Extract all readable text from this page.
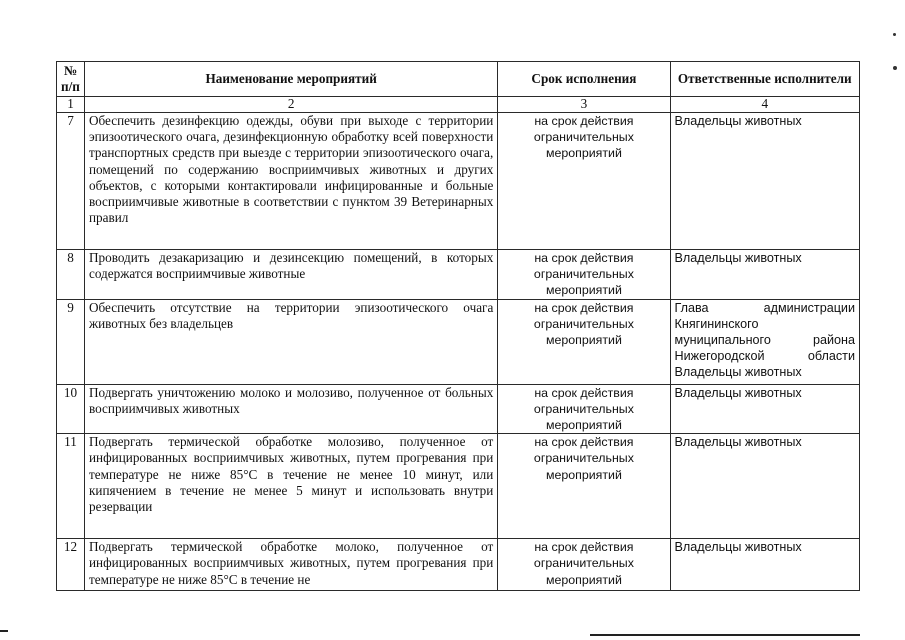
№ п/п	Наименование мероприятий	Срок исполнения	Ответственные исполнители
1	2	3	4
7	Обеспечить дезинфекцию одежды, обуви при выходе с территории эпизоотического очага, дезинфекционную обработку всей поверхности транспортных средств при выезде с территории эпизоотического очага, помещений по содержанию восприимчивых животных и других объектов, с которыми контактировали инфицированные и больные восприимчивые животные в соответствии с пунктом 39 Ветеринарных правил	на срок действия ограничительных мероприятий	Владельцы животных
8	Проводить дезакаризацию и дезинсекцию помещений, в которых содержатся восприимчивые животные	на срок действия ограничительных мероприятий	Владельцы животных
9	Обеспечить отсутствие на территории эпизоотического очага животных без владельцев	на срок действия ограничительных мероприятий	Глава администрации Княгининского муниципального района Нижегородской области Владельцы животных
10	Подвергать уничтожению молоко и молозиво, полученное от больных восприимчивых животных	на срок действия ограничительных мероприятий	Владельцы животных
11	Подвергать термической обработке молозиво, полученное от инфицированных восприимчивых животных, путем прогревания при температуре не ниже 85°С в течение не менее 10 минут, или кипячением в течение не менее 5 минут и использовать внутри резервации	на срок действия ограничительных мероприятий	Владельцы животных
12	Подвергать термической обработке молоко, полученное от инфицированных восприимчивых животных, путем прогревания при температуре не ниже 85°С в течение не	на срок действия ограничительных мероприятий	Владельцы животных
